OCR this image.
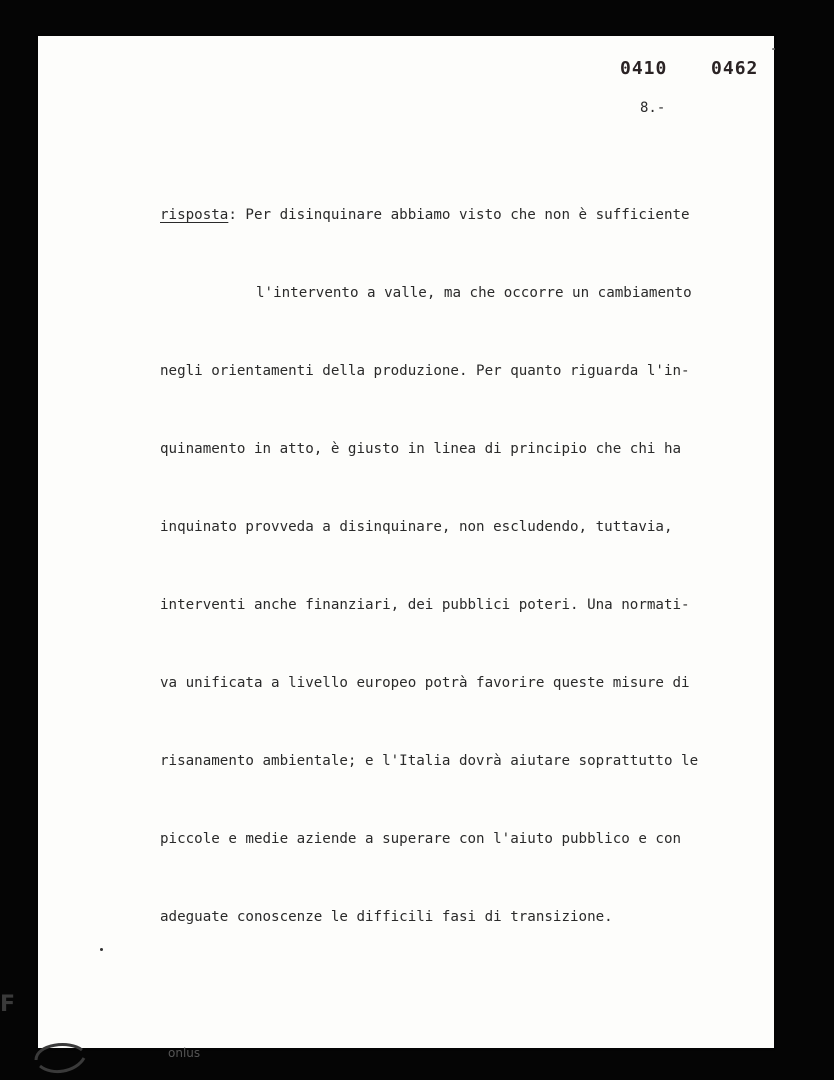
0410 0462
8.-

risposta: Per disinquinare abbiamo visto che non è sufficiente

l'intervento a valle, ma che occorre un cambiamento

negli orientamenti della produzione. Per quanto riguarda l'in-

quinamento in atto, è giusto in linea di principio che chi ha

inquinato provveda a disinquinare, non escludendo, tuttavia,

interventi anche finanziari, dei pubblici poteri. Una normati-

va unificata a livello europeo potrà favorire queste misure di

risanamento ambientale; e l'Italia dovrà aiutare soprattutto le

piccole e medie aziende a superare con l'aiuto pubblico e con

adeguate conoscenze le difficili fasi di transizione.

F
onlus
